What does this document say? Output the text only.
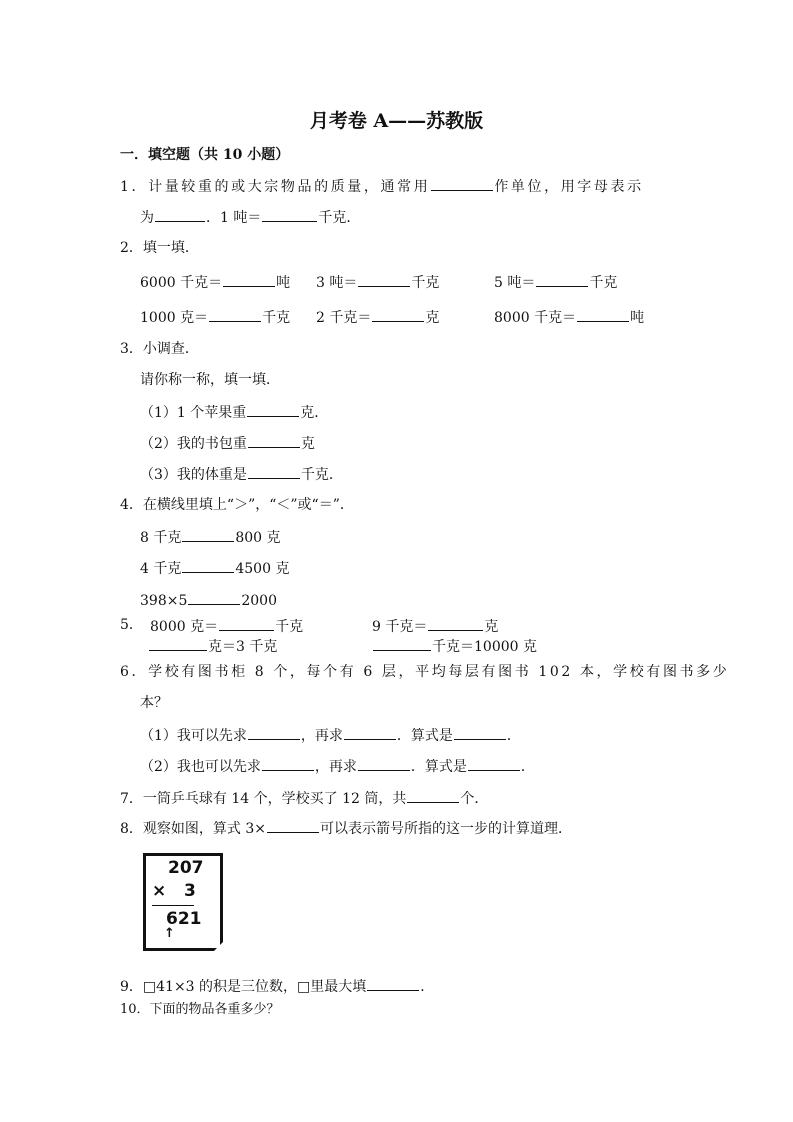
月考卷 A——苏教版
一．填空题（共 10 小题）
1．计量较重的或大宗物品的质量，通常用	作单位，用字母表示
为	．1 吨＝	千克．
2．填一填．
6000 千克＝	吨 3 吨＝	千克	5 吨＝	千克
1000 克＝	千克 2 千克＝	克	8000 千克＝	吨
3．小调查．
请你称一称，填一填．
（1）1 个苹果重	克．
（2）我的书包重	克
（3）我的体重是	千克．
4．在横线里填上“＞”，“＜”或“＝”．
8 千克	800 克
4 千克	4500 克
398×5	2000
5． 8000 克＝	千克	9 千克＝	克
克＝3 千克	千克＝10000 克
6．学校有图书柜 8 个，每个有 6 层，平均每层有图书 102 本，学校有图书多少
本？
（1）我可以先求	，再求	．算式是	．
（2）我也可以先求	，再求	．算式是	．
7．一筒乒乓球有 14 个，学校买了 12 筒，共	个．
8．观察如图，算式 3×	可以表示箭号所指的这一步的计算道理．
9．□41×3 的积是三位数，□里最大填	．
10．下面的物品各重多少？
207
× 3
621
↑
